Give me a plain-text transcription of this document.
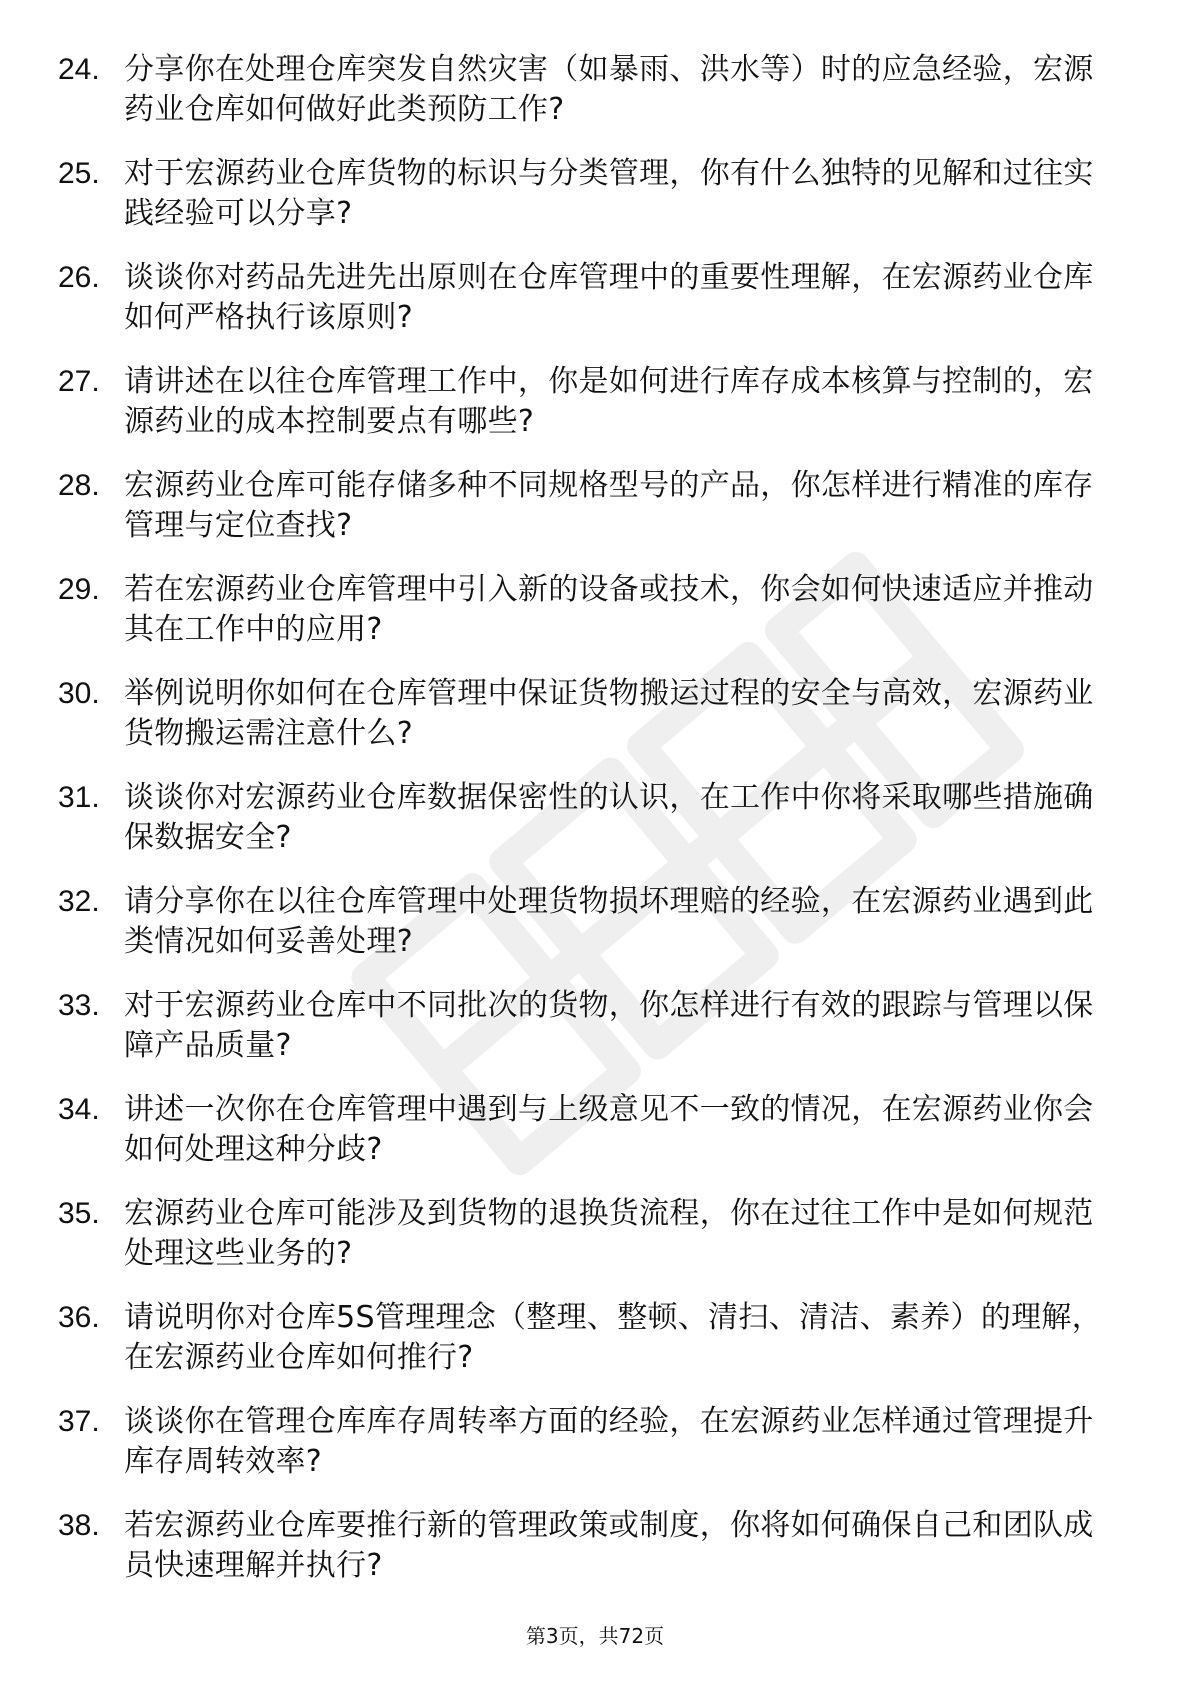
24. 分享你在处理仓库突发自然灾害（如暴雨、洪水等）时的应急经验，宏源药业仓库如何做好此类预防工作?
25. 对于宏源药业仓库货物的标识与分类管理，你有什么独特的见解和过往实践经验可以分享?
26. 谈谈你对药品先进先出原则在仓库管理中的重要性理解，在宏源药业仓库如何严格执行该原则?
27. 请讲述在以往仓库管理工作中，你是如何进行库存成本核算与控制的，宏源药业的成本控制要点有哪些?
28. 宏源药业仓库可能存储多种不同规格型号的产品，你怎样进行精准的库存管理与定位查找?
29. 若在宏源药业仓库管理中引入新的设备或技术，你会如何快速适应并推动其在工作中的应用?
30. 举例说明你如何在仓库管理中保证货物搬运过程的安全与高效，宏源药业货物搬运需注意什么?
31. 谈谈你对宏源药业仓库数据保密性的认识，在工作中你将采取哪些措施确保数据安全?
32. 请分享你在以往仓库管理中处理货物损坏理赔的经验，在宏源药业遇到此类情况如何妥善处理?
33. 对于宏源药业仓库中不同批次的货物，你怎样进行有效的跟踪与管理以保障产品质量?
34. 讲述一次你在仓库管理中遇到与上级意见不一致的情况，在宏源药业你会如何处理这种分歧?
35. 宏源药业仓库可能涉及到货物的退换货流程，你在过往工作中是如何规范处理这些业务的?
36. 请说明你对仓库5S管理理念（整理、整顿、清扫、清洁、素养）的理解，在宏源药业仓库如何推行?
37. 谈谈你在管理仓库库存周转率方面的经验，在宏源药业怎样通过管理提升库存周转效率?
38. 若宏源药业仓库要推行新的管理政策或制度，你将如何确保自己和团队成员快速理解并执行?
第3页，共72页
